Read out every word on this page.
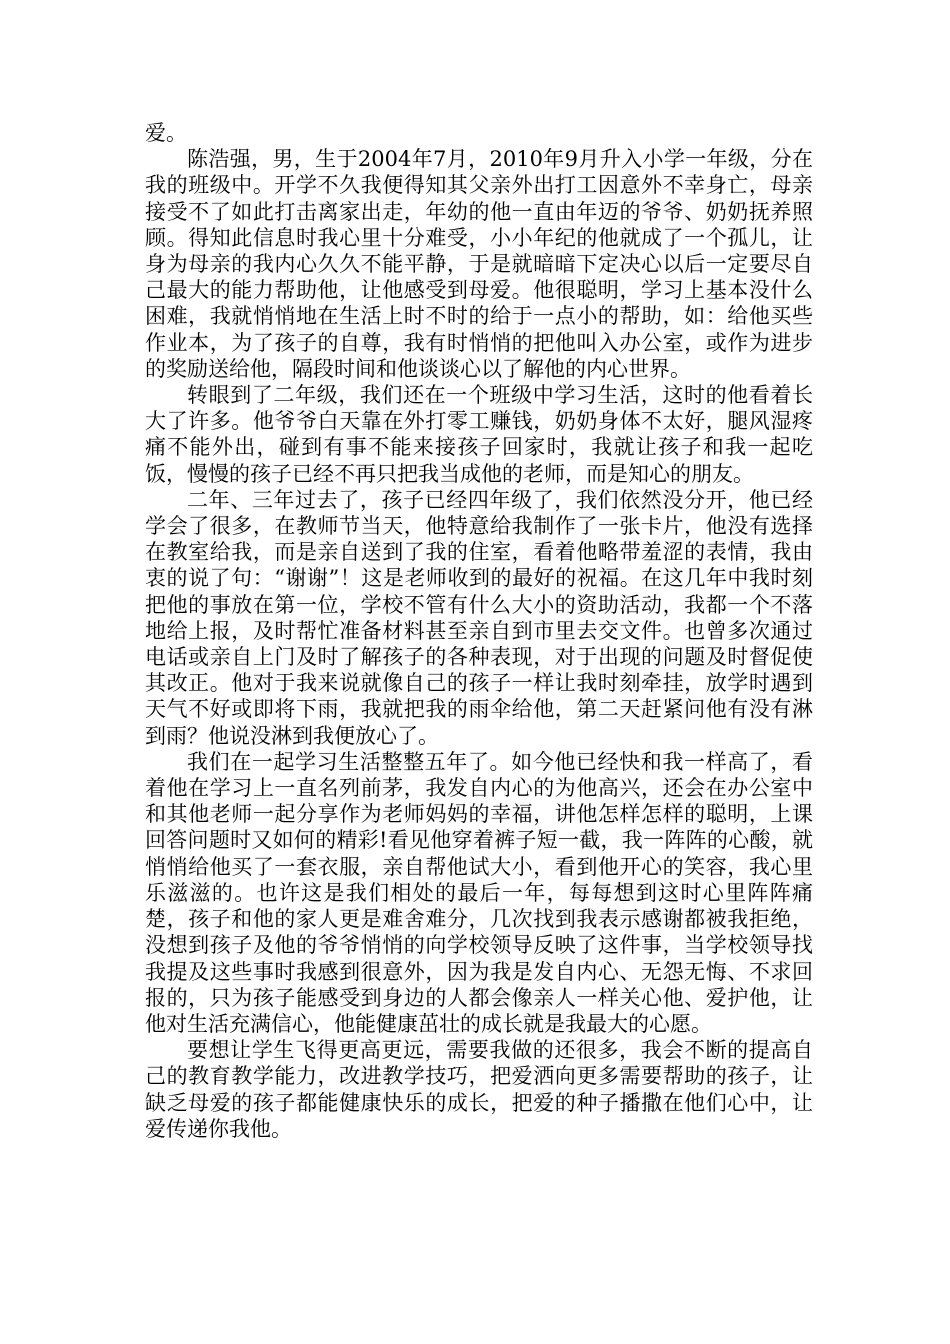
爱。

陈浩强，男，生于2004年7月，2010年9月升入小学一年级，分在我的班级中。开学不久我便得知其父亲外出打工因意外不幸身亡，母亲接受不了如此打击离家出走，年幼的他一直由年迈的爷爷、奶奶抚养照顾。得知此信息时我心里十分难受，小小年纪的他就成了一个孤儿，让身为母亲的我内心久久不能平静，于是就暗暗下定决心以后一定要尽自己最大的能力帮助他，让他感受到母爱。他很聪明，学习上基本没什么困难，我就悄悄地在生活上时不时的给于一点小的帮助，如：给他买些作业本，为了孩子的自尊，我有时悄悄的把他叫入办公室，或作为进步的奖励送给他，隔段时间和他谈谈心以了解他的内心世界。

转眼到了二年级，我们还在一个班级中学习生活，这时的他看着长大了许多。他爷爷白天靠在外打零工赚钱，奶奶身体不太好，腿风湿疼痛不能外出，碰到有事不能来接孩子回家时，我就让孩子和我一起吃饭，慢慢的孩子已经不再只把我当成他的老师，而是知心的朋友。

二年、三年过去了，孩子已经四年级了，我们依然没分开，他已经学会了很多，在教师节当天，他特意给我制作了一张卡片，他没有选择在教室给我，而是亲自送到了我的住室，看着他略带羞涩的表情，我由衷的说了句：“谢谢”！这是老师收到的最好的祝福。在这几年中我时刻把他的事放在第一位，学校不管有什么大小的资助活动，我都一个不落地给上报，及时帮忙准备材料甚至亲自到市里去交文件。也曾多次通过电话或亲自上门及时了解孩子的各种表现，对于出现的问题及时督促使其改正。他对于我来说就像自己的孩子一样让我时刻牵挂，放学时遇到天气不好或即将下雨，我就把我的雨伞给他，第二天赶紧问他有没有淋到雨？他说没淋到我便放心了。

我们在一起学习生活整整五年了。如今他已经快和我一样高了，看着他在学习上一直名列前茅，我发自内心的为他高兴，还会在办公室中和其他老师一起分享作为老师妈妈的幸福，讲他怎样怎样的聪明，上课回答问题时又如何的精彩!看见他穿着裤子短一截，我一阵阵的心酸，就悄悄给他买了一套衣服，亲自帮他试大小，看到他开心的笑容，我心里乐滋滋的。也许这是我们相处的最后一年，每每想到这时心里阵阵痛楚，孩子和他的家人更是难舍难分，几次找到我表示感谢都被我拒绝，没想到孩子及他的爷爷悄悄的向学校领导反映了这件事，当学校领导找我提及这些事时我感到很意外，因为我是发自内心、无怨无悔、不求回报的，只为孩子能感受到身边的人都会像亲人一样关心他、爱护他，让他对生活充满信心，他能健康茁壮的成长就是我最大的心愿。

要想让学生飞得更高更远，需要我做的还很多，我会不断的提高自己的教育教学能力，改进教学技巧，把爱洒向更多需要帮助的孩子，让缺乏母爱的孩子都能健康快乐的成长，把爱的种子播撒在他们心中，让爱传递你我他。
